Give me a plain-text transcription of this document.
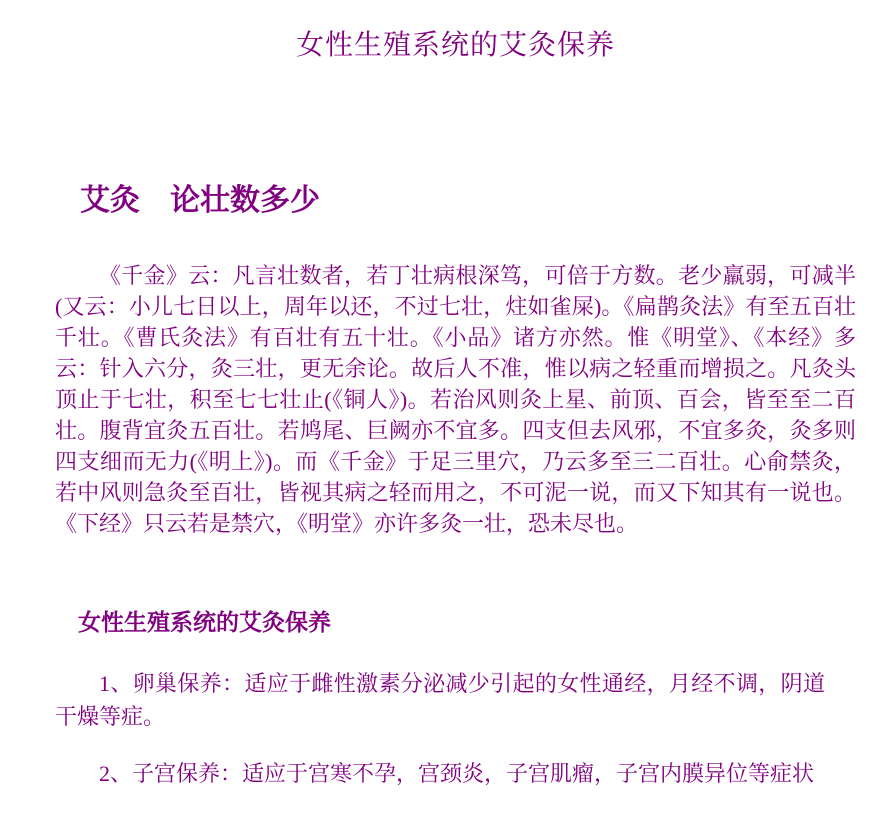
女性生殖系统的艾灸保养
艾灸　论壮数多少
《千金》云：凡言壮数者，若丁壮病根深笃，可倍于方数。老少羸弱，可减半(又云：小儿七日以上，周年以还，不过七壮，炷如雀屎)。《扁鹊灸法》有至五百壮千壮。《曹氏灸法》有百壮有五十壮。《小品》诸方亦然。惟《明堂》、《本经》多云：针入六分，灸三壮，更无余论。故后人不准，惟以病之轻重而增损之。凡灸头顶止于七壮，积至七七壮止(《铜人》)。若治风则灸上星、前顶、百会，皆至至二百壮。腹背宜灸五百壮。若鸠尾、巨阙亦不宜多。四支但去风邪，不宜多灸，灸多则四支细而无力(《明上》)。而《千金》于足三里穴，乃云多至三二百壮。心俞禁灸，若中风则急灸至百壮，皆视其病之轻而用之，不可泥一说，而又下知其有一说也。《下经》只云若是禁穴，《明堂》亦许多灸一壮，恐未尽也。
女性生殖系统的艾灸保养
1、卵巢保养：适应于雌性激素分泌减少引起的女性通经，月经不调，阴道干燥等症。
2、子宫保养：适应于宫寒不孕，宫颈炎，子宫肌瘤，子宫内膜异位等症状
